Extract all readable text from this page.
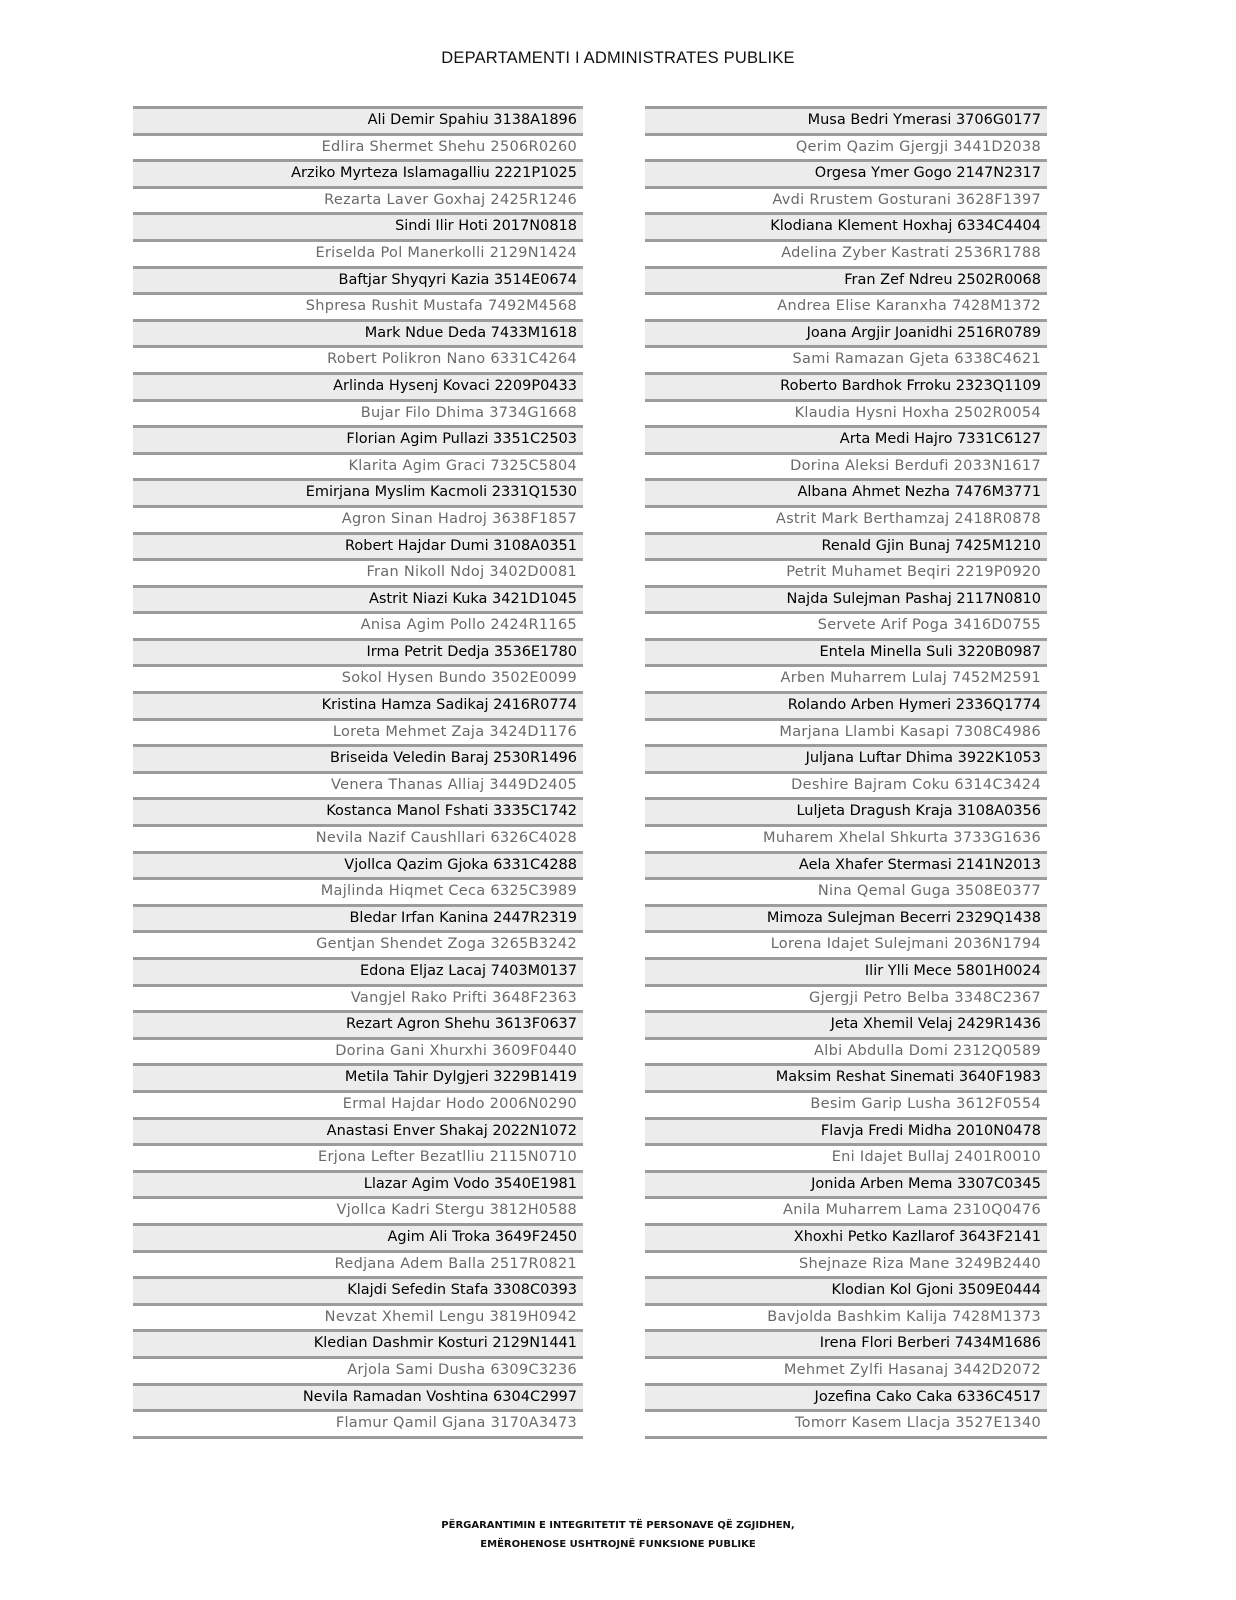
DEPARTAMENTI I ADMINISTRATES PUBLIKE
Ali Demir Spahiu 3138A1896
Edlira Shermet Shehu 2506R0260
Arziko Myrteza Islamagalliu 2221P1025
Rezarta Laver Goxhaj 2425R1246
Sindi Ilir Hoti 2017N0818
Eriselda Pol Manerkolli 2129N1424
Baftjar Shyqyri Kazia 3514E0674
Shpresa Rushit Mustafa 7492M4568
Mark Ndue Deda 7433M1618
Robert Polikron Nano 6331C4264
Arlinda Hysenj Kovaci 2209P0433
Bujar Filo Dhima 3734G1668
Florian Agim Pullazi 3351C2503
Klarita Agim Graci 7325C5804
Emirjana Myslim Kacmoli 2331Q1530
Agron Sinan Hadroj 3638F1857
Robert Hajdar Dumi 3108A0351
Fran Nikoll Ndoj 3402D0081
Astrit Niazi Kuka 3421D1045
Anisa Agim Pollo 2424R1165
Irma Petrit Dedja 3536E1780
Sokol Hysen Bundo 3502E0099
Kristina Hamza Sadikaj 2416R0774
Loreta Mehmet Zaja 3424D1176
Briseida Veledin Baraj 2530R1496
Venera Thanas Alliaj 3449D2405
Kostanca Manol Fshati 3335C1742
Nevila Nazif Caushllari 6326C4028
Vjollca Qazim Gjoka 6331C4288
Majlinda Hiqmet Ceca 6325C3989
Bledar Irfan Kanina 2447R2319
Gentjan Shendet Zoga 3265B3242
Edona Eljaz Lacaj 7403M0137
Vangjel Rako Prifti 3648F2363
Rezart Agron Shehu 3613F0637
Dorina Gani Xhurxhi 3609F0440
Metila Tahir Dylgjeri 3229B1419
Ermal Hajdar Hodo 2006N0290
Anastasi Enver Shakaj 2022N1072
Erjona Lefter Bezatlliu 2115N0710
Llazar Agim Vodo 3540E1981
Vjollca Kadri Stergu 3812H0588
Agim Ali Troka 3649F2450
Redjana Adem Balla 2517R0821
Klajdi Sefedin Stafa 3308C0393
Nevzat Xhemil Lengu 3819H0942
Kledian Dashmir Kosturi 2129N1441
Arjola Sami Dusha 6309C3236
Nevila Ramadan Voshtina 6304C2997
Flamur Qamil Gjana 3170A3473
Musa Bedri Ymerasi 3706G0177
Qerim Qazim Gjergji 3441D2038
Orgesa Ymer Gogo 2147N2317
Avdi Rrustem Gosturani 3628F1397
Klodiana Klement Hoxhaj 6334C4404
Adelina Zyber Kastrati 2536R1788
Fran Zef Ndreu 2502R0068
Andrea Elise Karanxha 7428M1372
Joana Argjir Joanidhi 2516R0789
Sami Ramazan Gjeta 6338C4621
Roberto Bardhok Frroku 2323Q1109
Klaudia Hysni Hoxha 2502R0054
Arta Medi Hajro 7331C6127
Dorina Aleksi Berdufi 2033N1617
Albana Ahmet Nezha 7476M3771
Astrit Mark Berthamzaj 2418R0878
Renald Gjin Bunaj 7425M1210
Petrit Muhamet Beqiri 2219P0920
Najda Sulejman Pashaj 2117N0810
Servete Arif Poga 3416D0755
Entela Minella Suli 3220B0987
Arben Muharrem Lulaj 7452M2591
Rolando Arben Hymeri 2336Q1774
Marjana Llambi Kasapi 7308C4986
Juljana Luftar Dhima 3922K1053
Deshire Bajram Coku 6314C3424
Luljeta Dragush Kraja 3108A0356
Muharem Xhelal Shkurta 3733G1636
Aela Xhafer Stermasi 2141N2013
Nina Qemal Guga 3508E0377
Mimoza Sulejman Becerri 2329Q1438
Lorena Idajet Sulejmani 2036N1794
Ilir Ylli Mece 5801H0024
Gjergji Petro Belba 3348C2367
Jeta Xhemil Velaj 2429R1436
Albi Abdulla Domi 2312Q0589
Maksim Reshat Sinemati 3640F1983
Besim Garip Lusha 3612F0554
Flavja Fredi Midha 2010N0478
Eni Idajet Bullaj 2401R0010
Jonida Arben Mema 3307C0345
Anila Muharrem Lama 2310Q0476
Xhoxhi Petko Kazllarof 3643F2141
Shejnaze Riza Mane 3249B2440
Klodian Kol Gjoni 3509E0444
Bavjolda Bashkim Kalija 7428M1373
Irena Flori Berberi 7434M1686
Mehmet Zylfi Hasanaj 3442D2072
Jozefina Cako Caka 6336C4517
Tomorr Kasem Llacja 3527E1340
PËRGARANTIMIN E INTEGRITETIT TË PERSONAVE QË ZGJIDHEN,
EMËROHENOSE USHTROJNË FUNKSIONE PUBLIKE
